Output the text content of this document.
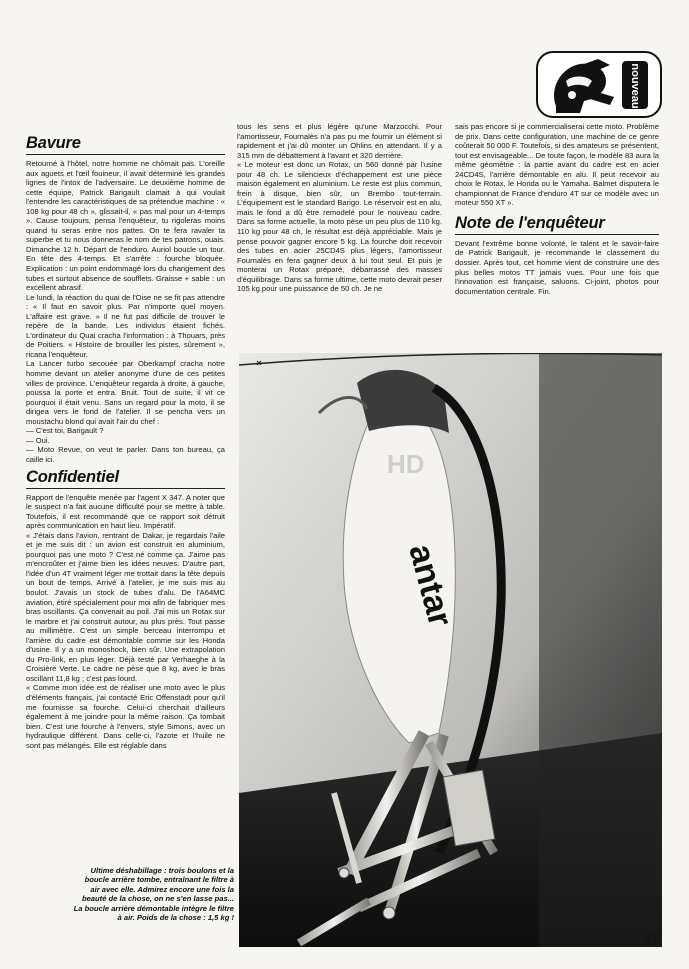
nouveau
Bavure

Retourné à l'hôtel, notre homme ne chômait pas. L'oreille aux aguets et l'œil fouineur, il avait déterminé les grandes lignes de l'intox de l'adversaire. Le deuxième homme de cette équipe, Patrick Barigault clamait à qui voulait l'entendre les caractéristiques de sa prétendue machine : « 108 kg pour 48 ch », glissait-il, « pas mal pour un 4-temps ». Cause toujours, pensa l'enquêteur, tu rigoleras moins quand tu seras entre nos pattes. On te fera ravaler ta superbe et tu nous donneras le nom de tes patrons, ouais. Dimanche 12 h. Départ de l'enduro. Auriol boucle un tour. En tête des 4-temps. Et s'arrête : fourche bloquée. Explication : un point endommagé lors du changement des tubes et surtout absence de soufflets. Graisse + sable : un excellent abrasif.

Le lundi, la réaction du quai de l'Oise ne se fit pas attendre : « Il faut en savoir plus. Par n'importe quel moyen. L'affaire est grave. » Il ne fut pas difficile de trouver le repère de la bande. Les individus étaient fichés. L'ordinateur du Quai cracha l'information : à Thouars, près de Poitiers. « Histoire de brouiller les pistes, sûrement », ricana l'enquêteur.

La Lancer turbo secouée par Oberkampf cracha notre homme devant un atelier anonyme d'une de ces petites villes de province. L'enquêteur regarda à droite, à gauche, poussa la porte et entra. Bruit. Tout de suite, il vit ce pourquoi il était venu. Sans un regard pour la moto, il se dirigea vers le fond de l'atelier. Il se pencha vers un moustachu blond qui avait l'air du chef :

— C'est toi, Barigault ?

— Oui.

— Moto Revue, on veut te parler. Dans ton bureau, ça caille ici.

Confidentiel

Rapport de l'enquête menée par l'agent X 347. A noter que le suspect n'a fait aucune difficulté pour se mettre à table. Toutefois, il est recommandé que ce rapport soit détruit après communication en haut lieu. Impératif.

« J'étais dans l'avion, rentrant de Dakar, je regardais l'aile et je me suis dit : un avion est construit en aluminium, pourquoi pas une moto ? C'est né comme ça. J'aime pas m'encroûter et j'aime bien les idées neuves. D'autre part, l'idée d'un 4T vraiment léger me trottait dans la tête depuis un bout de temps. Arrivé à l'atelier, je me suis mis au boulot. J'avais un stock de tubes d'alu. De l'A64MC aviation, étiré spécialement pour moi afin de fabriquer mes bras oscillants. Ça convenait au poil. J'ai mis un Rotax sur le marbre et j'ai construit autour, au plus près. Tout passe au millimètre. C'est un simple berceau interrompu et l'arrière du cadre est démontable comme sur les Honda d'usine. Il y a un monoshock, bien sûr. Une extrapolation du Pro-link, en plus léger. Déjà testé par Verhaeghe à la Croisière Verte. Le cadre ne pèse que 8 kg, avec le bras oscillant 11,8 kg ; c'est pas lourd.

« Comme mon idée est de réaliser une moto avec le plus d'éléments français, j'ai contacté Eric Offenstadt pour qu'il me fournisse sa fourche. Celui-ci cherchait d'ailleurs également à me joindre pour la même raison. Ça tombait bien. C'est une fourche à l'envers, style Simons, avec un hydraulique différent. Dans celle-ci, l'azote et l'huile ne sont pas mélangés. Elle est réglable dans

tous les sens et plus légère qu'une Marzocchi. Pour l'amortisseur, Fournalès n'a pas pu me fournir un élément si rapidement et j'ai dû monter un Ohlins en attendant. Il y a 315 mm de débattement à l'avant et 320 derrière.

« Le moteur est donc un Rotax, un 560 donné par l'usine pour 48 ch. Le silencieux d'échappement est une pièce maison également en aluminium. Le reste est plus commun, frein à disque, bien sûr, un Brembo tout-terrain. L'équipement est le standard Barigo. Le réservoir est en alu, mais le fond a dû être remodelé pour le nouveau cadre. Dans sa forme actuelle, la moto pèse un peu plus de 110 kg. 110 kg pour 48 ch, le résultat est déjà appréciable. Mais je pense pouvoir gagner encore 5 kg. La fourche doit recevoir des tubes en acier 25CD4S plus légers, l'amortisseur Fournalès en fera gagner deux à lui tout seul. Et puis je monterai un Rotax préparé, débarrassé des masses d'équilibrage. Dans sa forme ultime, cette moto devrait peser 105 kg pour une puissance de 50 ch. Je ne

sais pas encore si je commercialiserai cette moto. Problème de prix. Dans cette configuration, une machine de ce genre coûterait 50 000 F. Toutefois, si des amateurs se présentent, tout est envisageable... De toute façon, le modèle 83 aura la même géométrie : la partie avant du cadre est en acier 24CD4S, l'arrière démontable en alu. Il peut recevoir au choix le Rotax, le Honda ou le Yamaha. Balmet disputera le championnat de France d'enduro 4T sur ce modèle avec un moteur 550 XT ».

Note de l'enquêteur

Devant l'extrême bonne volonté, le talent et le savoir-faire de Patrick Barigault, je recommande le classement du dossier. Après tout, cet homme vient de construire une des plus belles motos TT jamais vues. Pour une fois que l'innovation est française, saluons. Ci-joint, photos pour documentation centrale. Fin.

antar
HD

Ultime déshabillage : trois boulons et la

boucle arrière tombe, entraînant le filtre à

air avec elle. Admirez encore une fois la

beauté de la chose, on ne s'en lasse pas...

La boucle arrière démontable intègre le filtre

à air. Poids de la chose : 1,5 kg !

43
